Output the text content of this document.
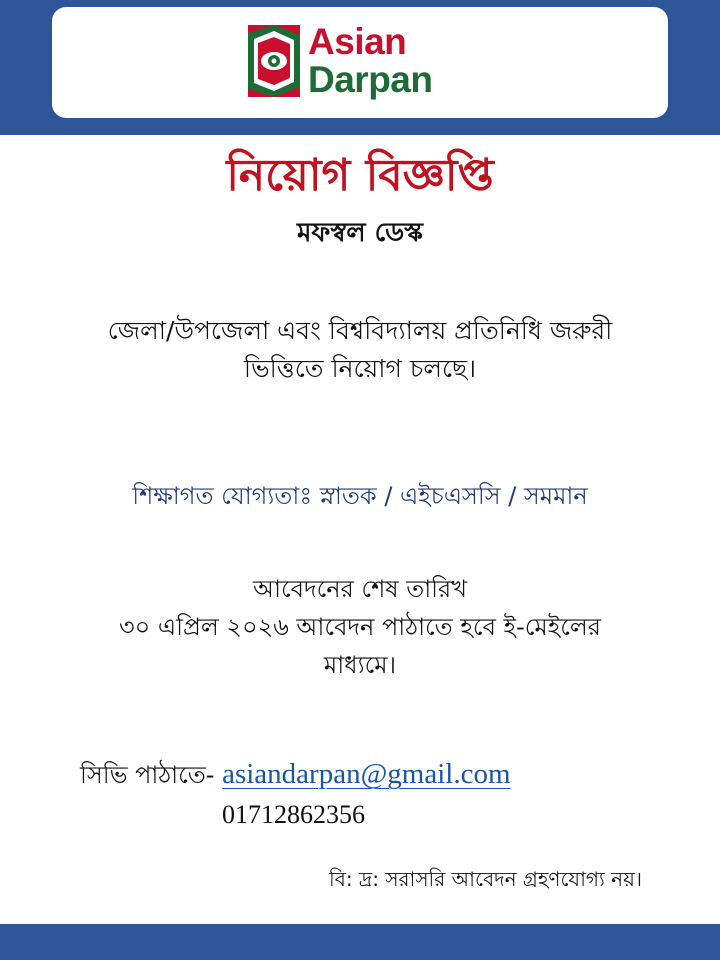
Asian
Darpan
নিয়োগ বিজ্ঞপ্তি
মফস্বল ডেস্ক
জেলা/উপজেলা এবং বিশ্ববিদ্যালয় প্রতিনিধি জরুরী ভিত্তিতে নিয়োগ চলছে।
শিক্ষাগত যোগ্যতাঃ স্নাতক / এইচএসসি / সমমান
আবেদনের শেষ তারিখ
৩০ এপ্রিল ২০২৬ আবেদন পাঠাতে হবে ই-মেইলের মাধ্যমে।
সিভি পাঠাতে- asiandarpan@gmail.com
01712862356
বি: দ্র: সরাসরি আবেদন গ্রহণযোগ্য নয়।
